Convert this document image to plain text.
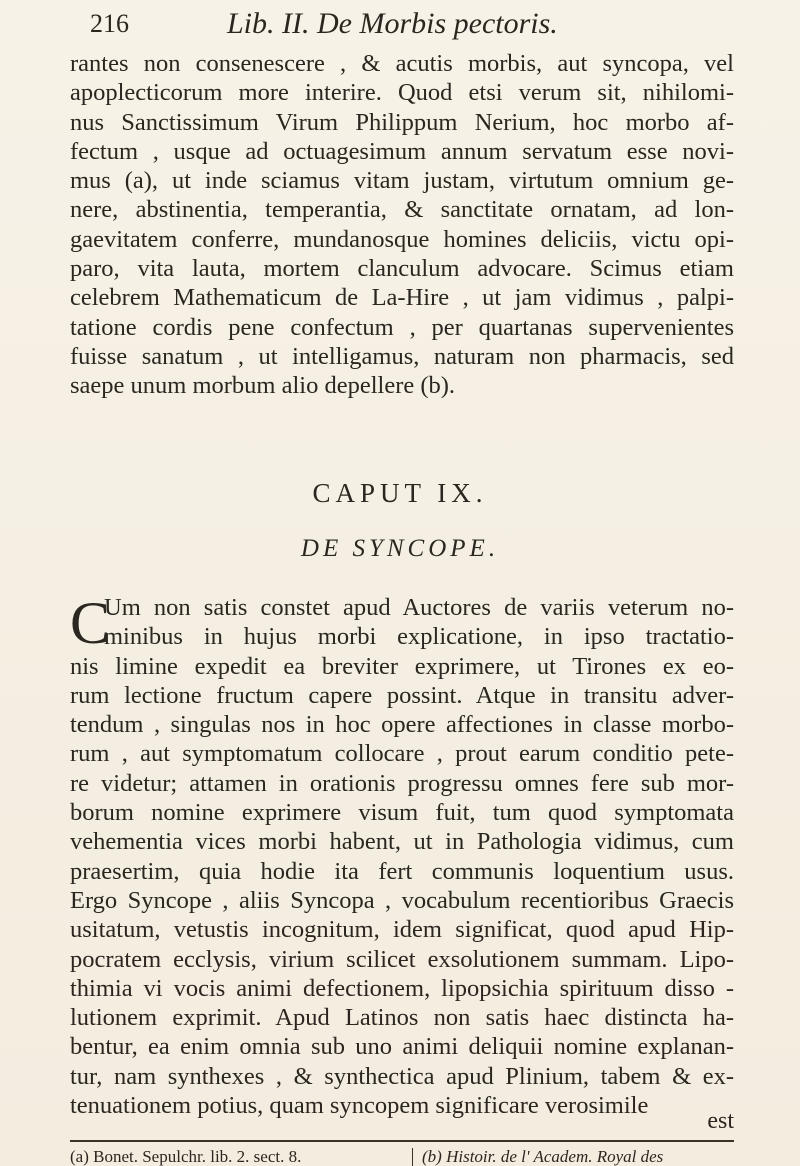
216	Lib. II. De Morbis pectoris.
rantes non consenescere , & acutis morbis, aut syncopa, vel
apoplecticorum more interire. Quod etsi verum sit, nihilomi-
nus Sanctissimum Virum Philippum Nerium, hoc morbo af-
fectum , usque ad octuagesimum annum servatum esse novi-
mus (a), ut inde sciamus vitam justam, virtutum omnium ge-
nere, abstinentia, temperantia, & sanctitate ornatam, ad lon-
gaevitatem conferre, mundanosque homines deliciis, victu opi-
paro, vita lauta, mortem clanculum advocare. Scimus etiam
celebrem Mathematicum de La-Hire , ut jam vidimus , palpi-
tatione cordis pene confectum , per quartanas supervenientes
fuisse sanatum , ut intelligamus, naturam non pharmacis, sed
saepe unum morbum alio depellere (b).
CAPUT IX.
DE SYNCOPE.
C
Um non satis constet apud Auctores de variis veterum no-
minibus in hujus morbi explicatione, in ipso tractatio-
nis limine expedit ea breviter exprimere, ut Tirones ex eo-
rum lectione fructum capere possint. Atque in transitu adver-
tendum , singulas nos in hoc opere affectiones in classe morbo-
rum , aut symptomatum collocare , prout earum conditio pete-
re videtur; attamen in orationis progressu omnes fere sub mor-
borum nomine exprimere visum fuit, tum quod symptomata
vehementia vices morbi habent, ut in Pathologia vidimus, cum
praesertim, quia hodie ita fert communis loquentium usus.
Ergo Syncope , aliis Syncopa , vocabulum recentioribus Graecis
usitatum, vetustis incognitum, idem significat, quod apud Hip-
pocratem ecclysis, virium scilicet exsolutionem summam. Lipo-
thimia vi vocis animi defectionem, lipopsichia spirituum disso -
lutionem exprimit. Apud Latinos non satis haec distincta ha-
bentur, ea enim omnia sub uno animi deliquii nomine explanan-
tur, nam synthexes , & synthectica apud Plinium, tabem & ex-
tenuationem potius, quam syncopem significare verosimile
est
(a) Bonet. Sepulchr. lib. 2. sect. 8.	(b) Histoir. de l' Academ. Royal des
